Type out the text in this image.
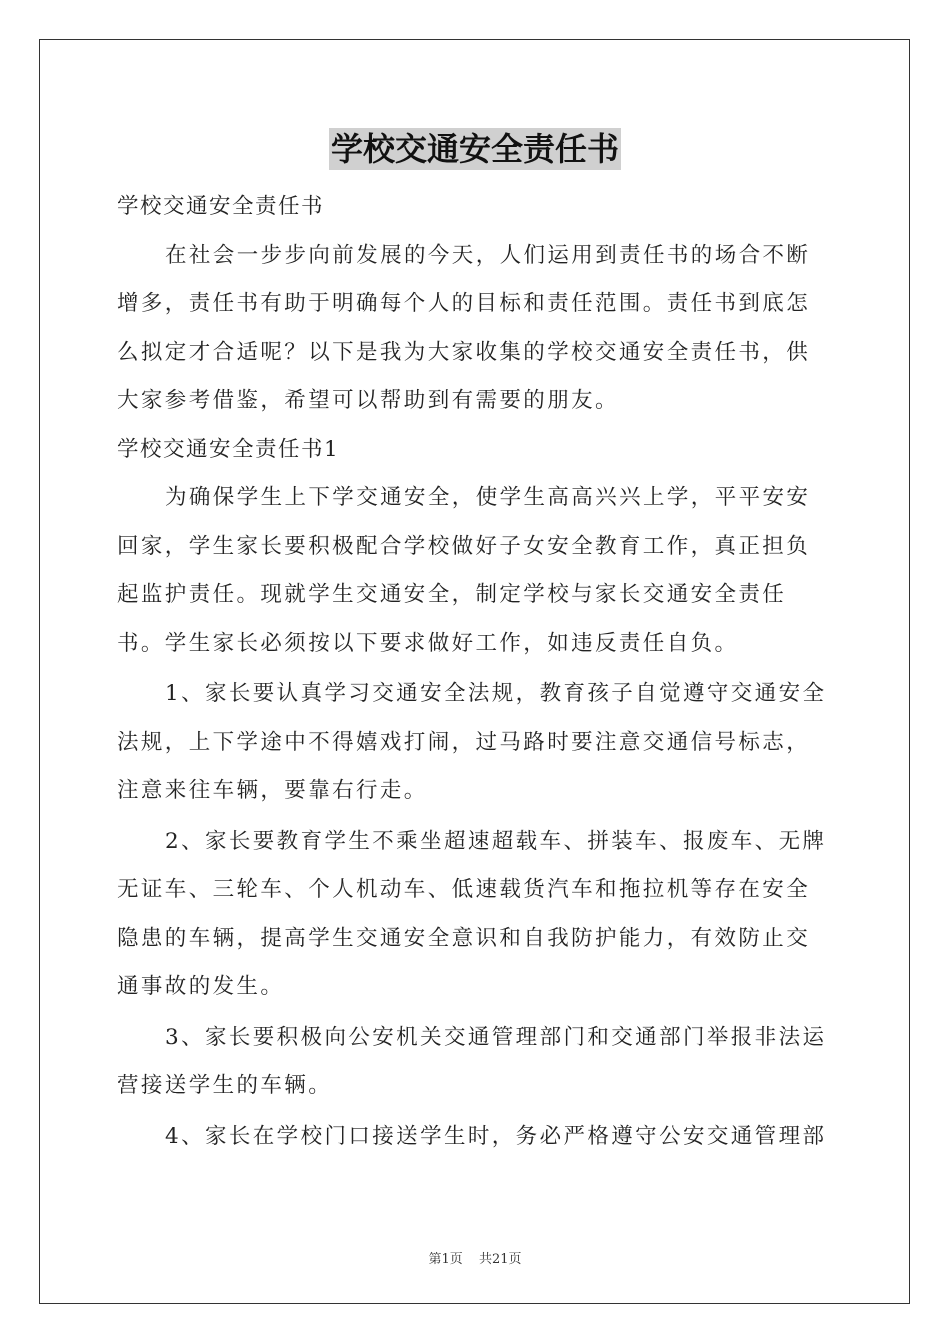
学校交通安全责任书

学校交通安全责任书

在社会一步步向前发展的今天，人们运用到责任书的场合不断增多，责任书有助于明确每个人的目标和责任范围。责任书到底怎么拟定才合适呢？以下是我为大家收集的学校交通安全责任书，供大家参考借鉴，希望可以帮助到有需要的朋友。

学校交通安全责任书1

为确保学生上下学交通安全，使学生高高兴兴上学，平平安安回家，学生家长要积极配合学校做好子女安全教育工作，真正担负起监护责任。现就学生交通安全，制定学校与家长交通安全责任书。学生家长必须按以下要求做好工作，如违反责任自负。

1、家长要认真学习交通安全法规，教育孩子自觉遵守交通安全法规，上下学途中不得嬉戏打闹，过马路时要注意交通信号标志，注意来往车辆，要靠右行走。

2、家长要教育学生不乘坐超速超载车、拼装车、报废车、无牌无证车、三轮车、个人机动车、低速载货汽车和拖拉机等存在安全隐患的车辆，提高学生交通安全意识和自我防护能力，有效防止交通事故的发生。

3、家长要积极向公安机关交通管理部门和交通部门举报非法运营接送学生的车辆。

4、家长在学校门口接送学生时，务必严格遵守公安交通管理部

第1页 共21页
